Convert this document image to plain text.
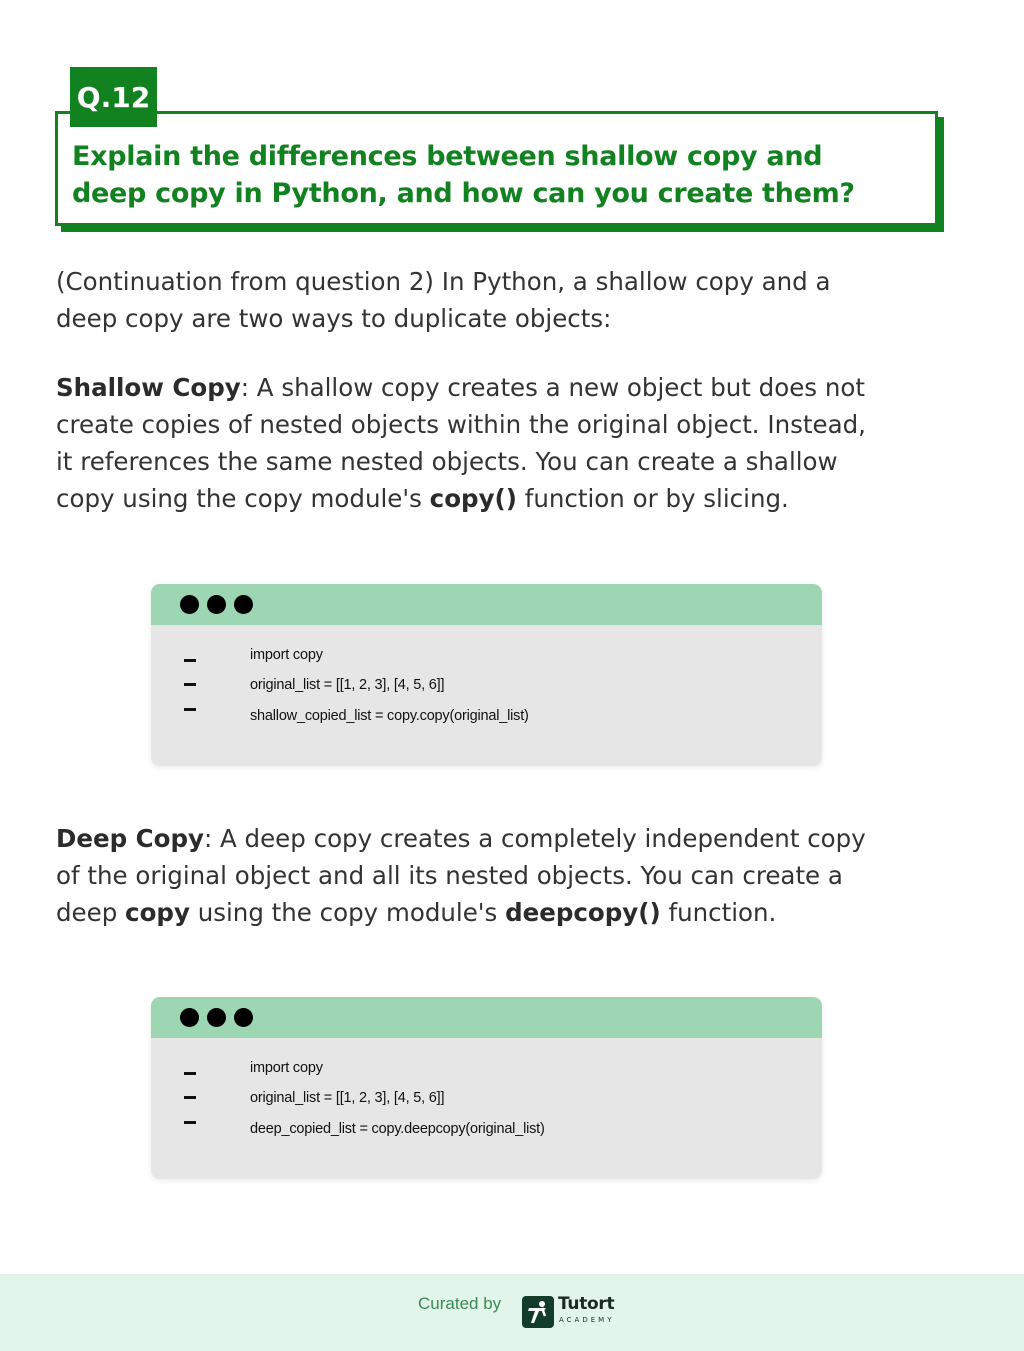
Q.12
Explain the differences between shallow copy and
deep copy in Python, and how can you create them?

(Continuation from question 2) In Python, a shallow copy and a
deep copy are two ways to duplicate objects:

Shallow Copy: A shallow copy creates a new object but does not
create copies of nested objects within the original object. Instead,
it references the same nested objects. You can create a shallow
copy using the copy module's copy() function or by slicing.

import copy
original_list = [[1, 2, 3], [4, 5, 6]]
shallow_copied_list = copy.copy(original_list)

Deep Copy: A deep copy creates a completely independent copy
of the original object and all its nested objects. You can create a
deep copy using the copy module's deepcopy() function.

import copy
original_list = [[1, 2, 3], [4, 5, 6]]
deep_copied_list = copy.deepcopy(original_list)
Curated by	Tutort
ACADEMY
